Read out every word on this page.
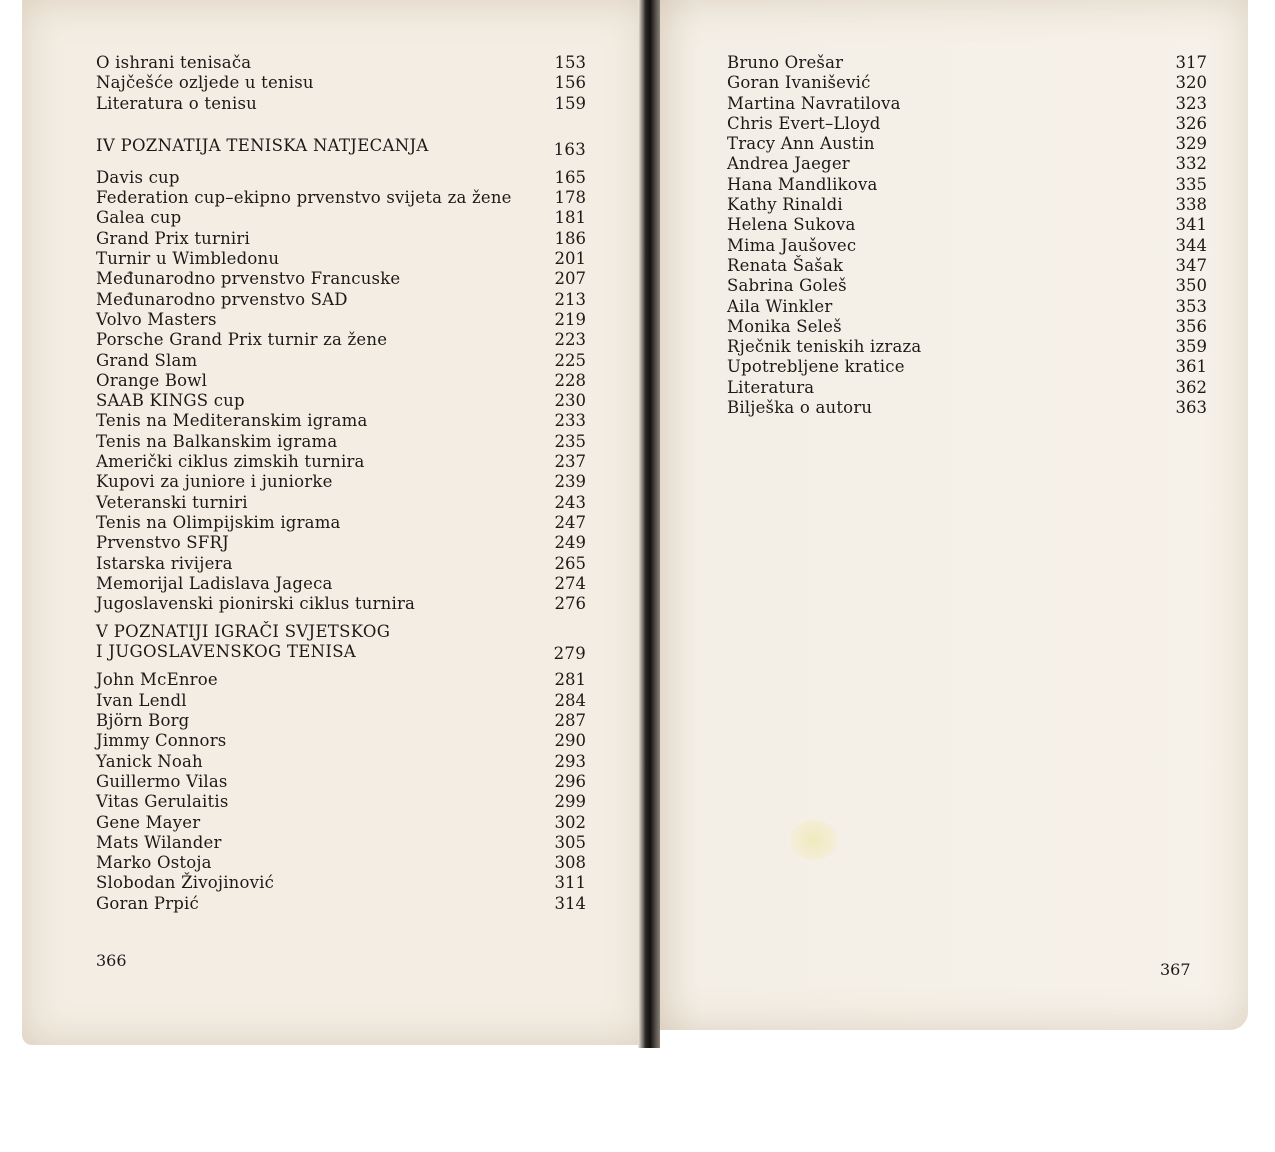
O ishrani tenisača	153
Najčešće ozljede u tenisu	156
Literatura o tenisu	159
IV POZNATIJA TENISKA NATJECANJA	163
Davis cup	165
Federation cup–ekipno prvenstvo svijeta za žene	178
Galea cup	181
Grand Prix turniri	186
Turnir u Wimbledonu	201
Međunarodno prvenstvo Francuske	207
Međunarodno prvenstvo SAD	213
Volvo Masters	219
Porsche Grand Prix turnir za žene	223
Grand Slam	225
Orange Bowl	228
SAAB KINGS cup	230
Tenis na Mediteranskim igrama	233
Tenis na Balkanskim igrama	235
Američki ciklus zimskih turnira	237
Kupovi za juniore i juniorke	239
Veteranski turniri	243
Tenis na Olimpijskim igrama	247
Prvenstvo SFRJ	249
Istarska rivijera	265
Memorijal Ladislava Jageca	274
Jugoslavenski pionirski ciklus turnira	276
V POZNATIJI IGRAČI SVJETSKOG
I JUGOSLAVENSKOG TENISA	279
John McEnroe	281
Ivan Lendl	284
Björn Borg	287
Jimmy Connors	290
Yanick Noah	293
Guillermo Vilas	296
Vitas Gerulaitis	299
Gene Mayer	302
Mats Wilander	305
Marko Ostoja	308
Slobodan Živojinović	311
Goran Prpić	314
366
Bruno Orešar	317
Goran Ivanišević	320
Martina Navratilova	323
Chris Evert–Lloyd	326
Tracy Ann Austin	329
Andrea Jaeger	332
Hana Mandlikova	335
Kathy Rinaldi	338
Helena Sukova	341
Mima Jaušovec	344
Renata Šašak	347
Sabrina Goleš	350
Aila Winkler	353
Monika Seleš	356
Rječnik teniskih izraza	359
Upotrebljene kratice	361
Literatura	362
Bilješka o autoru	363
367
